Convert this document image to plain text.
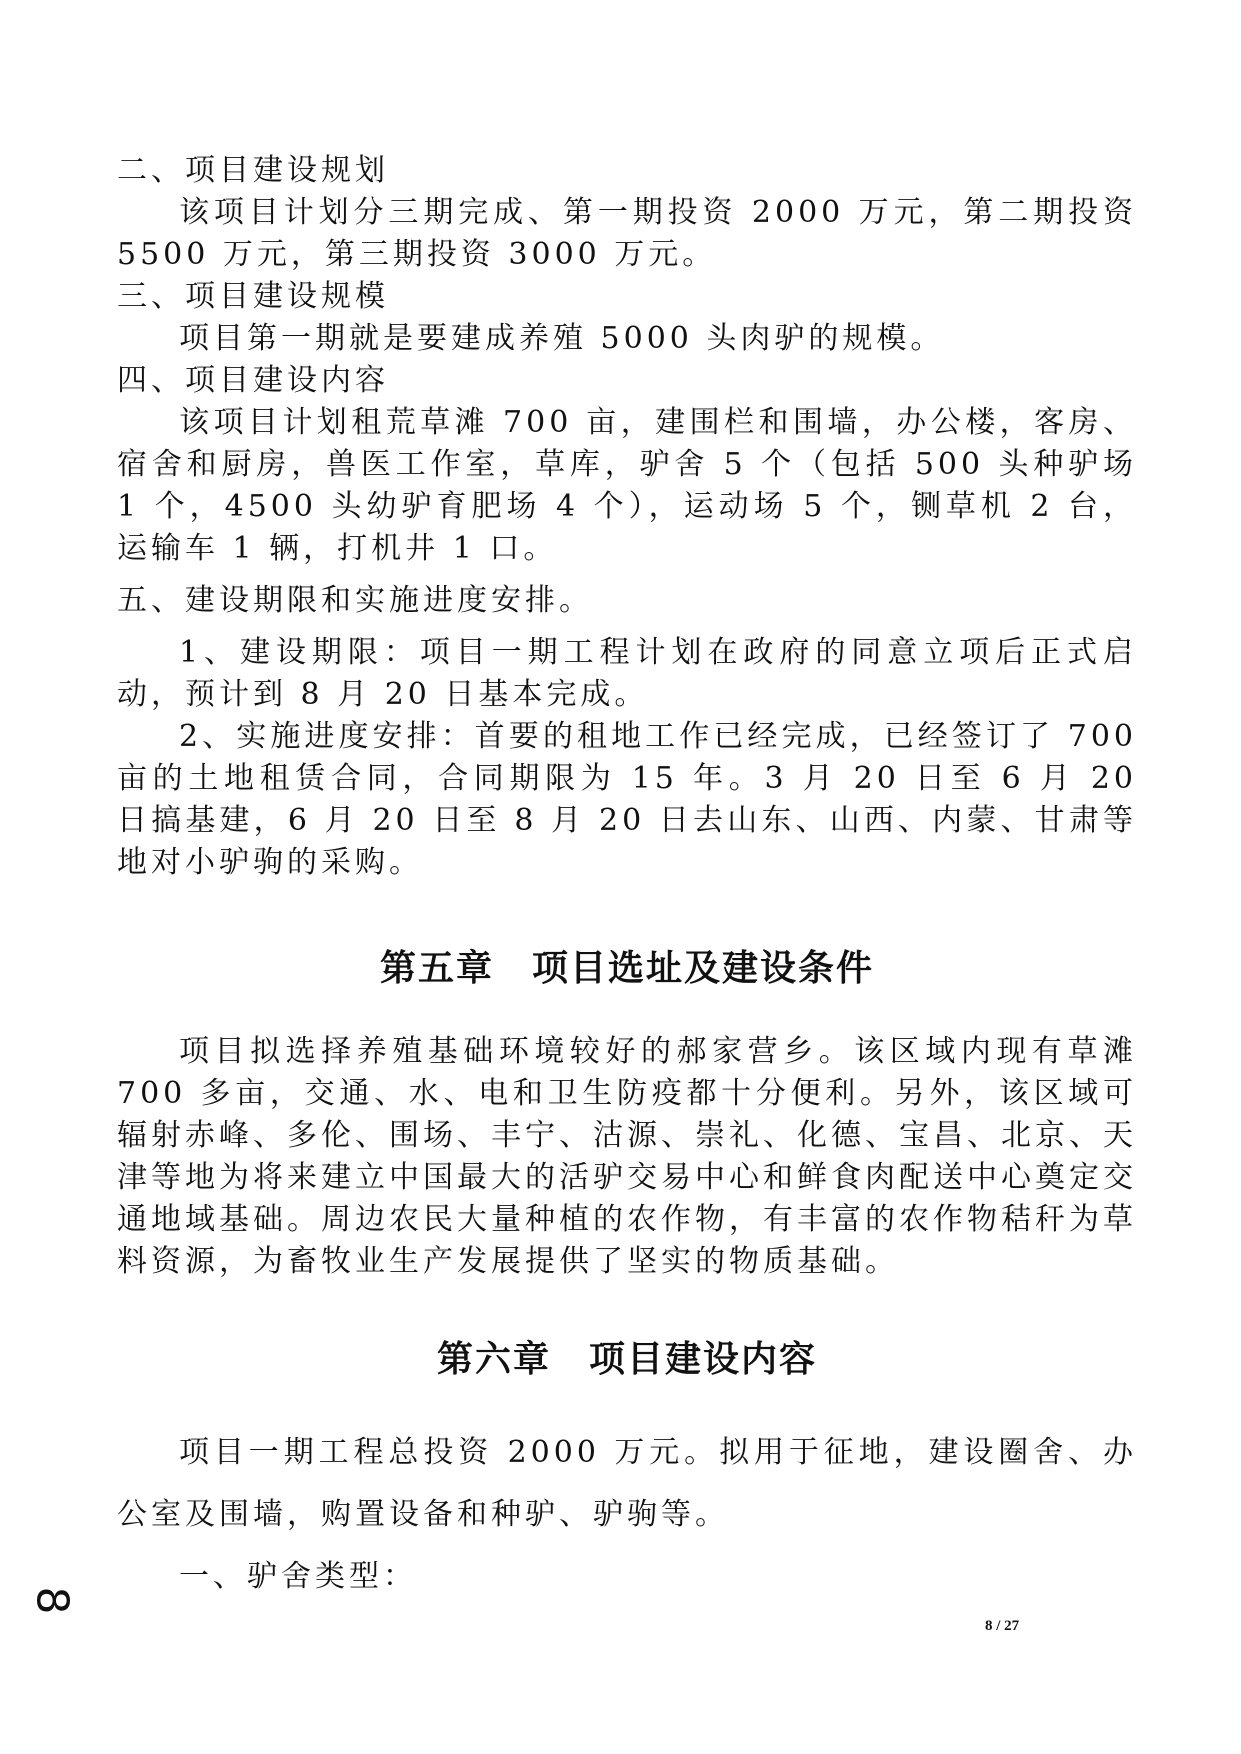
二、项目建设规划

该项目计划分三期完成、第一期投资 2000 万元，第二期投资 5500 万元，第三期投资 3000 万元。

三、项目建设规模

项目第一期就是要建成养殖 5000 头肉驴的规模。

四、项目建设内容

该项目计划租荒草滩 700 亩，建围栏和围墙，办公楼，客房、宿舍和厨房，兽医工作室，草库，驴舍 5 个（包括 500 头种驴场 1 个，4500 头幼驴育肥场 4 个），运动场 5 个，铡草机 2 台，运输车 1 辆，打机井 1 口。

五、建设期限和实施进度安排。

1、建设期限：项目一期工程计划在政府的同意立项后正式启动，预计到 8 月 20 日基本完成。

2、实施进度安排：首要的租地工作已经完成，已经签订了 700 亩的土地租赁合同，合同期限为 15 年。3 月 20 日至 6 月 20 日搞基建，6 月 20 日至 8 月 20 日去山东、山西、内蒙、甘肃等地对小驴驹的采购。

第五章　项目选址及建设条件

项目拟选择养殖基础环境较好的郝家营乡。该区域内现有草滩 700 多亩，交通、水、电和卫生防疫都十分便利。另外，该区域可辐射赤峰、多伦、围场、丰宁、沽源、崇礼、化德、宝昌、北京、天津等地为将来建立中国最大的活驴交易中心和鲜食肉配送中心奠定交通地域基础。周边农民大量种植的农作物，有丰富的农作物秸秆为草料资源，为畜牧业生产发展提供了坚实的物质基础。

第六章　项目建设内容

项目一期工程总投资 2000 万元。拟用于征地，建设圈舍、办公室及围墙，购置设备和种驴、驴驹等。

一、驴舍类型：

8
8 / 27
